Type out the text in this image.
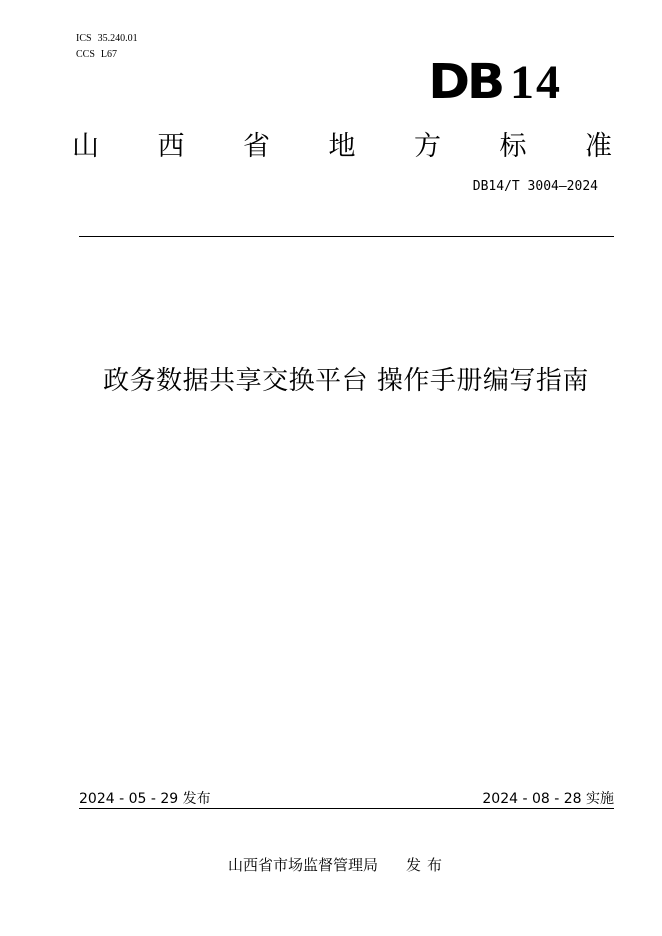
ICS 35.240.01
CCS L67	DB 14
山 西 省 地 方 标 准
DB14/T 3004—2024
政务数据共享交换平台 操作手册编写指南
2024 - 05 - 29 发布	2024 - 08 - 28 实施
山西省市场监督管理局 发布
